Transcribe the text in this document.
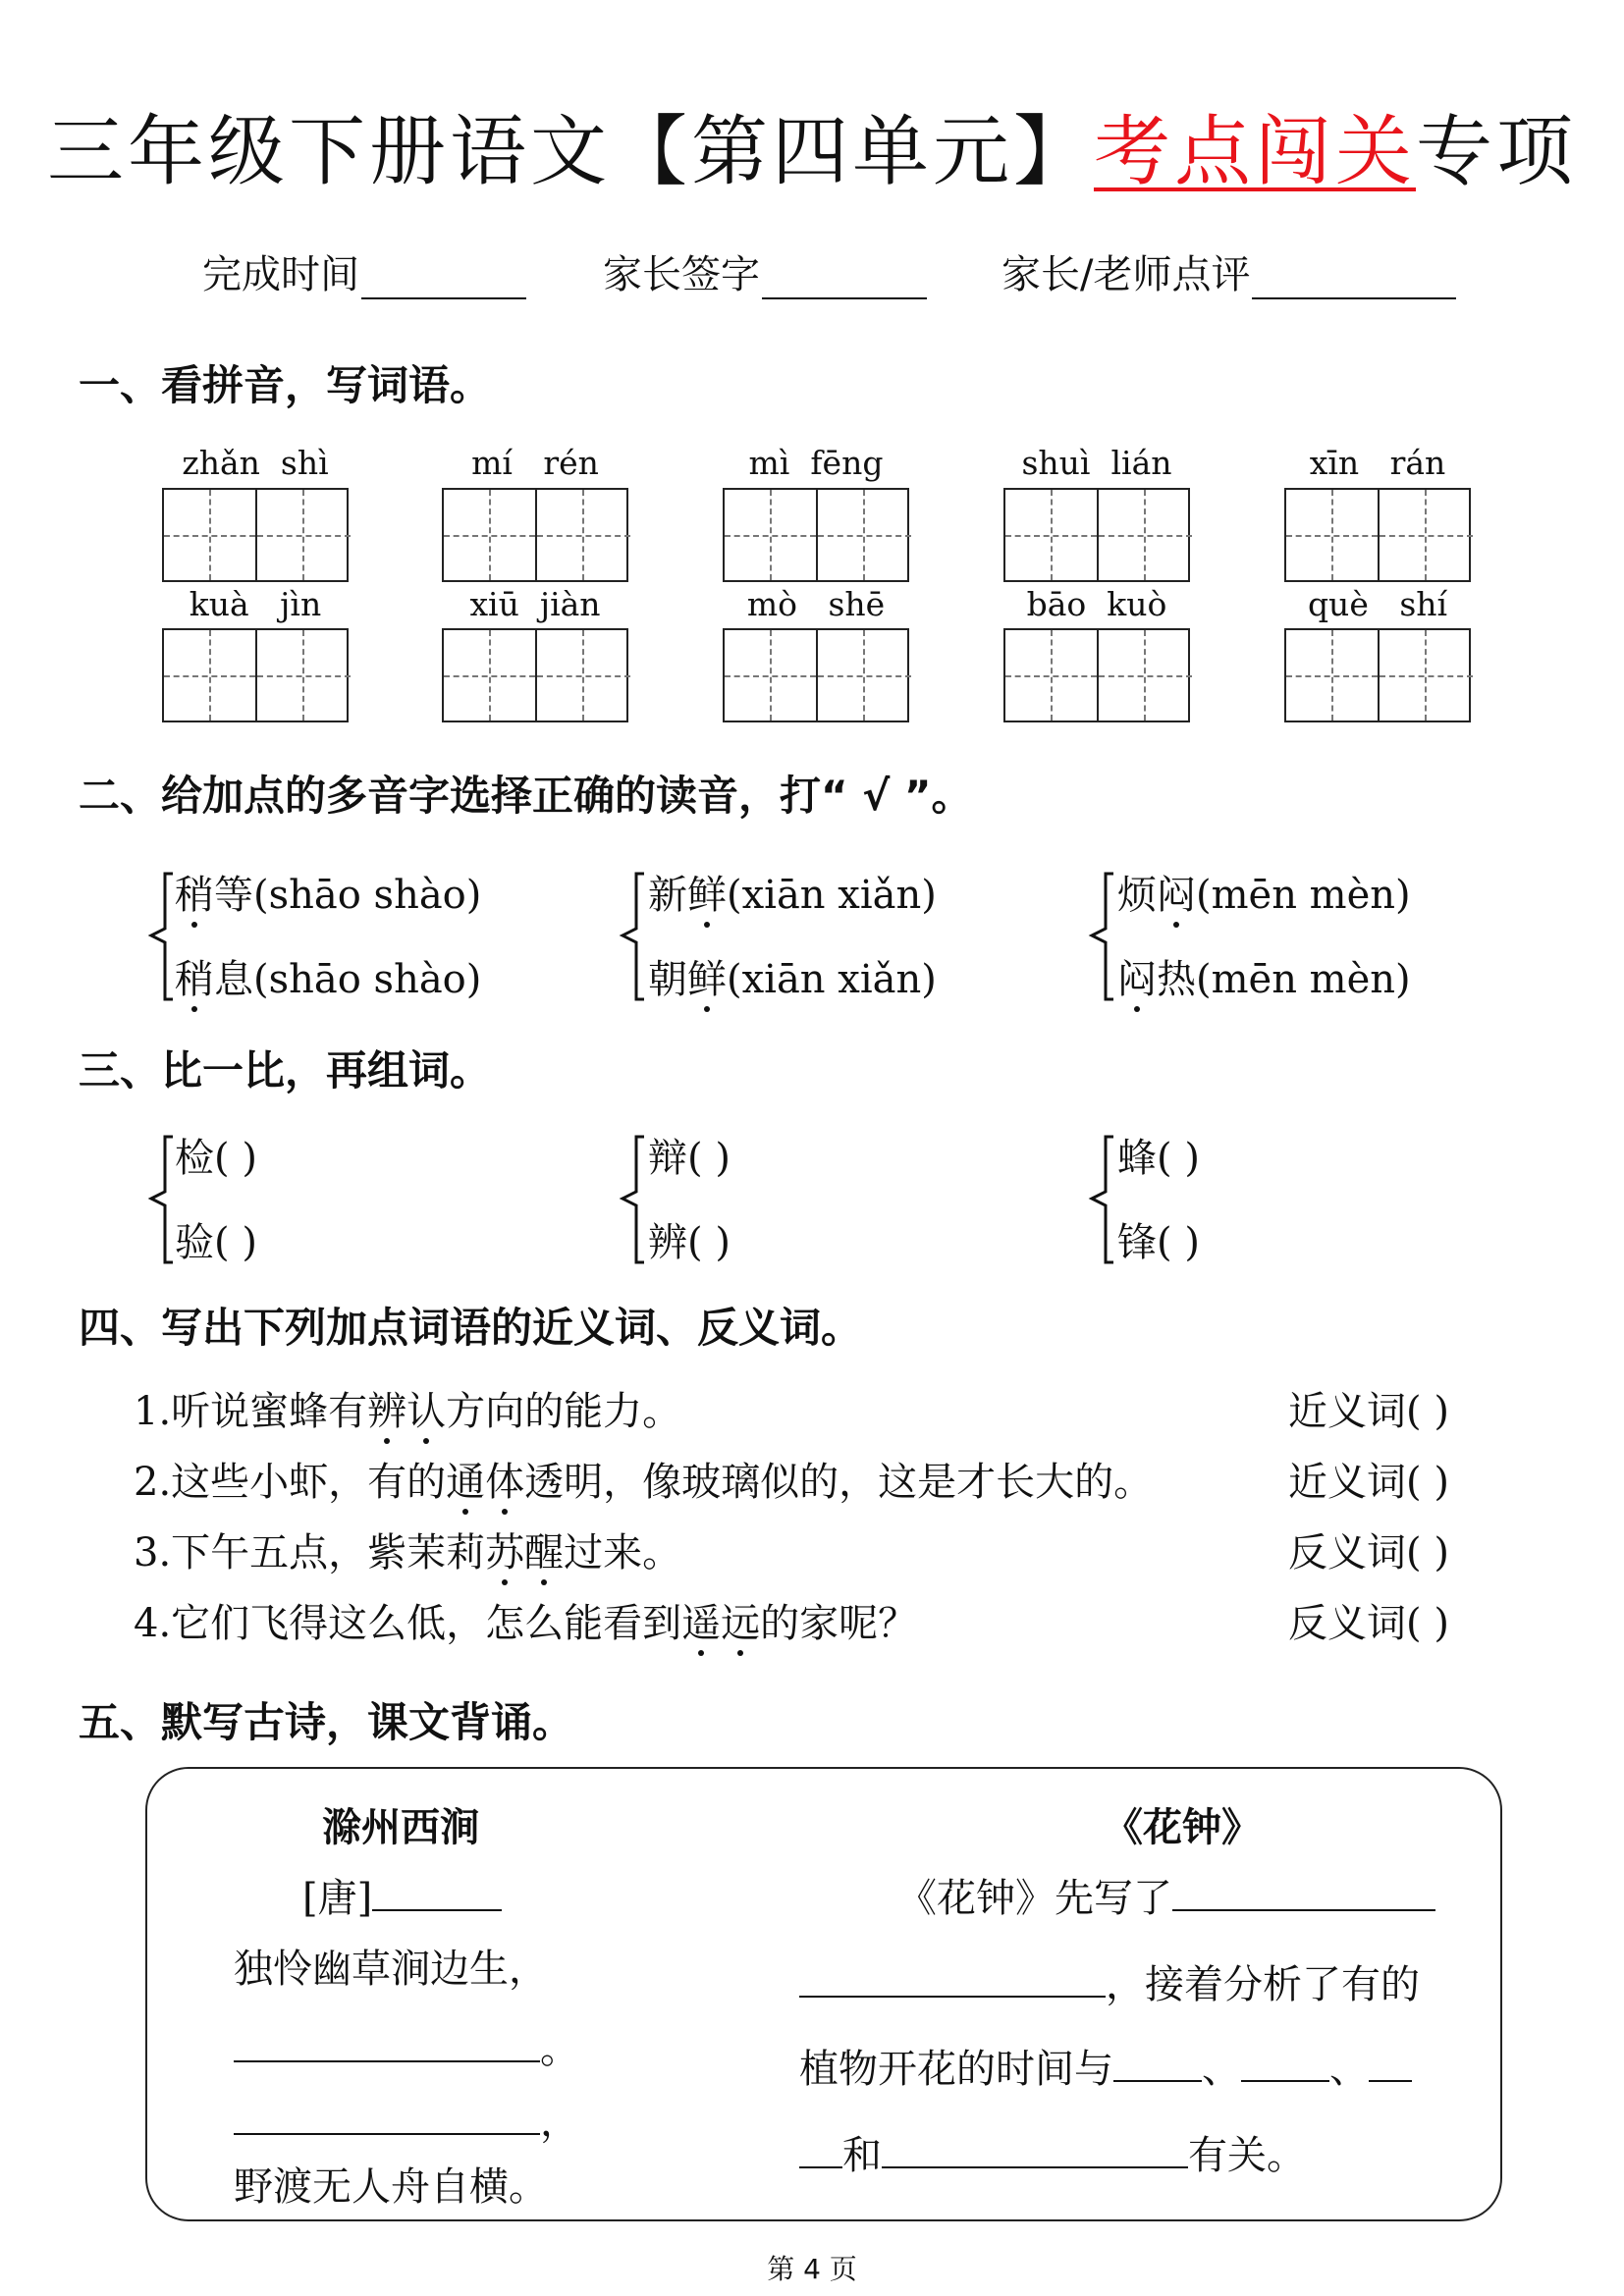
三年级下册语文【第四单元】考点闯关专项
完成时间	家长签字	家长/老师点评
一、看拼音，写词语。
zhǎn  shì	mí   rén	mì  fēng	shuì  lián	xīn   rán
kuà   jìn	xiū  jiàn	mò   shē	bāo  kuò	què   shí
二、给加点的多音字选择正确的读音，打“ √ ”。
稍等(shāo shào)
稍息(shāo shào)
新鲜(xiān xiǎn)
朝鲜(xiān xiǎn)
烦闷(mēn mèn)
闷热(mēn mèn)
三、比一比，再组词。
检( )
验( )
辩( )
辨( )
蜂( )
锋( )
四、写出下列加点词语的近义词、反义词。
1.听说蜜蜂有辨认方向的能力。	近义词( )
2.这些小虾，有的通体透明，像玻璃似的，这是才长大的。	近义词( )
3.下午五点，紫茉莉苏醒过来。	反义词( )
4.它们飞得这么低，怎么能看到遥远的家呢？	反义词( )
五、默写古诗，课文背诵。
滁州西涧
[唐]
独怜幽草涧边生，
。
，
野渡无人舟自横。
《花钟》
《花钟》先写了
，接着分析了有的
植物开花的时间与 、 、
和	有关。
第 4 页
